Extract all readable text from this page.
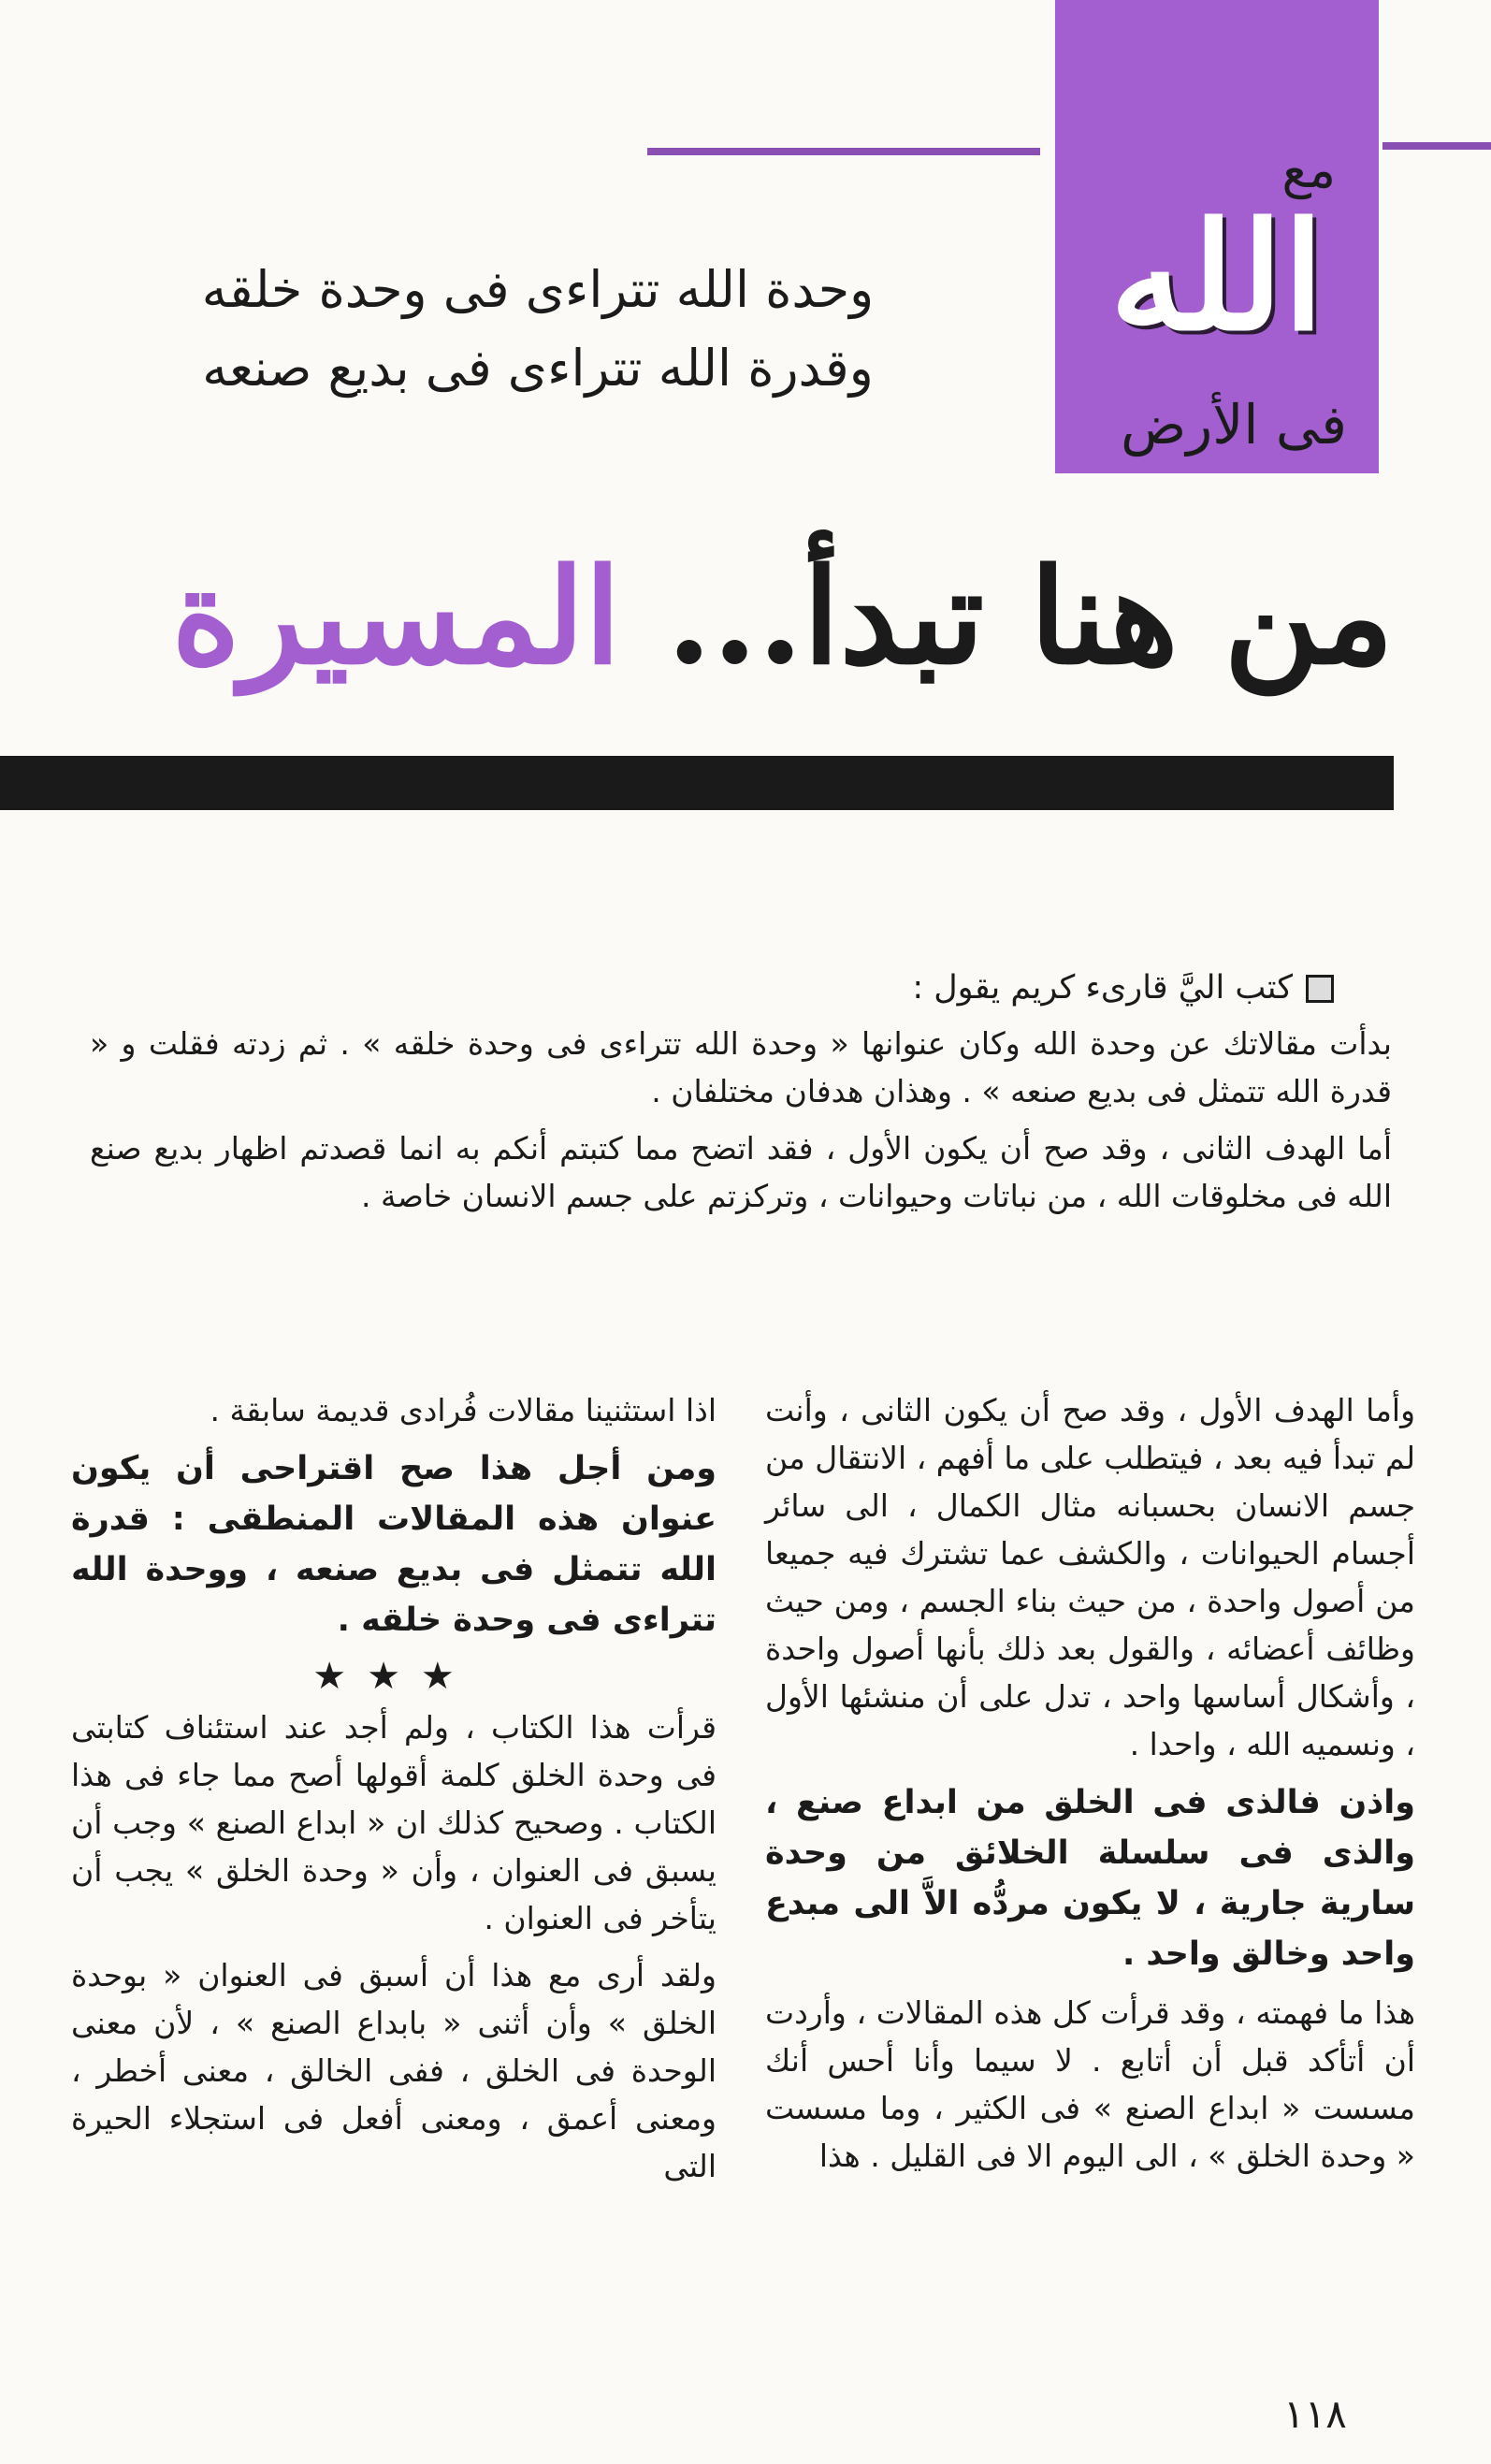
مع
الله
فى الأرض
وحدة الله تتراءى فى وحدة خلقه
وقدرة الله تتراءى فى بديع صنعه
من هنا تبدأ... المسيرة
كتب اليَّ قارىء كريم يقول :

بدأت مقالاتك عن وحدة الله وكان عنوانها « وحدة الله تتراءى فى وحدة خلقه » . ثم زدته فقلت و « قدرة الله تتمثل فى بديع صنعه » . وهذان هدفان مختلفان .

أما الهدف الثانى ، وقد صح أن يكون الأول ، فقد اتضح مما كتبتم أنكم به انما قصدتم اظهار بديع صنع الله فى مخلوقات الله ، من نباتات وحيوانات ، وتركزتم على جسم الانسان خاصة .

وأما الهدف الأول ، وقد صح أن يكون الثانى ، وأنت لم تبدأ فيه بعد ، فيتطلب على ما أفهم ، الانتقال من جسم الانسان بحسبانه مثال الكمال ، الى سائر أجسام الحيوانات ، والكشف عما تشترك فيه جميعا من أصول واحدة ، من حيث بناء الجسم ، ومن حيث وظائف أعضائه ، والقول بعد ذلك بأنها أصول واحدة ، وأشكال أساسها واحد ، تدل على أن منشئها الأول ، ونسميه الله ، واحدا .

واذن فالذى فى الخلق من ابداع صنع ، والذى فى سلسلة الخلائق من وحدة سارية جارية ، لا يكون مردُّه الاَّ الى مبدع واحد وخالق واحد .

هذا ما فهمته ، وقد قرأت كل هذه المقالات ، وأردت أن أتأكد قبل أن أتابع . لا سيما وأنا أحس أنك مسست « ابداع الصنع » فى الكثير ، وما مسست « وحدة الخلق » ، الى اليوم الا فى القليل . هذا

اذا استثنينا مقالات فُرادى قديمة سابقة .

ومن أجل هذا صح اقتراحى أن يكون عنوان هذه المقالات المنطقى : قدرة الله تتمثل فى بديع صنعه ، ووحدة الله تتراءى فى وحدة خلقه .

★★★

قرأت هذا الكتاب ، ولم أجد عند استئناف كتابتى فى وحدة الخلق كلمة أقولها أصح مما جاء فى هذا الكتاب . وصحيح كذلك ان « ابداع الصنع » وجب أن يسبق فى العنوان ، وأن « وحدة الخلق » يجب أن يتأخر فى العنوان .

ولقد أرى مع هذا أن أسبق فى العنوان « بوحدة الخلق » وأن أثنى « بابداع الصنع » ، لأن معنى الوحدة فى الخلق ، ففى الخالق ، معنى أخطر ، ومعنى أعمق ، ومعنى أفعل فى استجلاء الحيرة التى

١١٨
